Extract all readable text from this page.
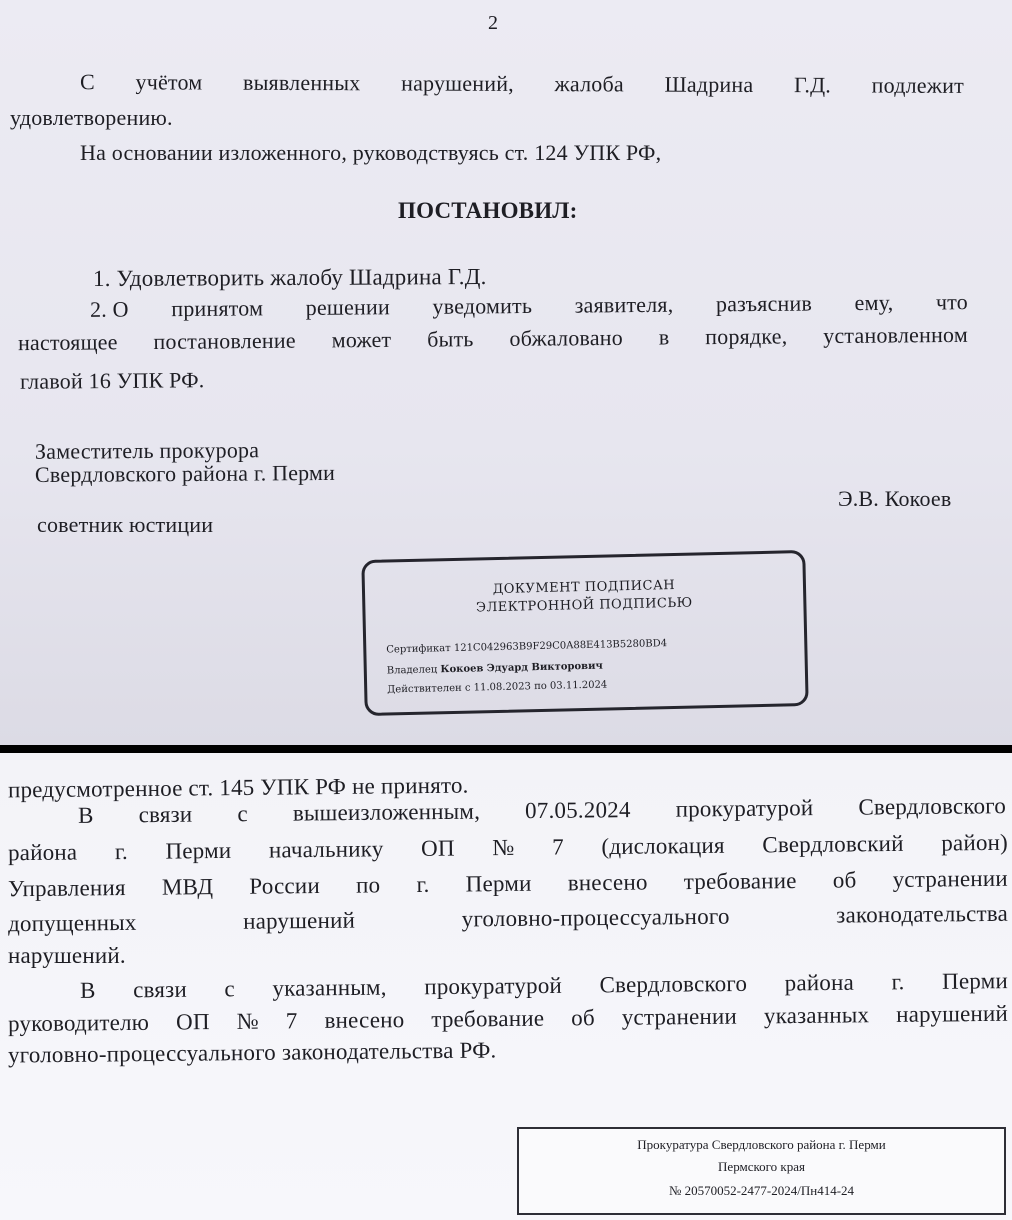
2
С учётом выявленных нарушений, жалоба Шадрина Г.Д. подлежит
удовлетворению.
На основании изложенного, руководствуясь ст. 124 УПК РФ,
ПОСТАНОВИЛ:
1. Удовлетворить жалобу Шадрина Г.Д.
2. О принятом решении уведомить заявителя, разъяснив ему, что
настоящее постановление может быть обжаловано в порядке, установленном
главой 16 УПК РФ.
Заместитель прокурора
Свердловского района г. Перми
Э.В. Кокоев
советник юстиции
ДОКУМЕНТ ПОДПИСАН
ЭЛЕКТРОННОЙ ПОДПИСЬЮ
Сертификат 121C042963B9F29C0A88E413B5280BD4
Владелец Кокоев Эдуард Викторович
Действителен с 11.08.2023 по 03.11.2024
предусмотренное ст. 145 УПК РФ не принято.
В связи с вышеизложенным, 07.05.2024 прокуратурой Свердловского
района г. Перми начальнику ОП № 7 (дислокация Свердловский район)
Управления МВД России по г. Перми внесено требование об устранении
допущенных	нарушений	уголовно-процессуального	законодательства
нарушений.
В связи с указанным, прокуратурой Свердловского района г. Перми
руководителю ОП № 7 внесено требование об устранении указанных нарушений
уголовно-процессуального законодательства РФ.
Прокуратура Свердловского района г. Перми
Пермского края
№ 20570052-2477-2024/Пн414-24
